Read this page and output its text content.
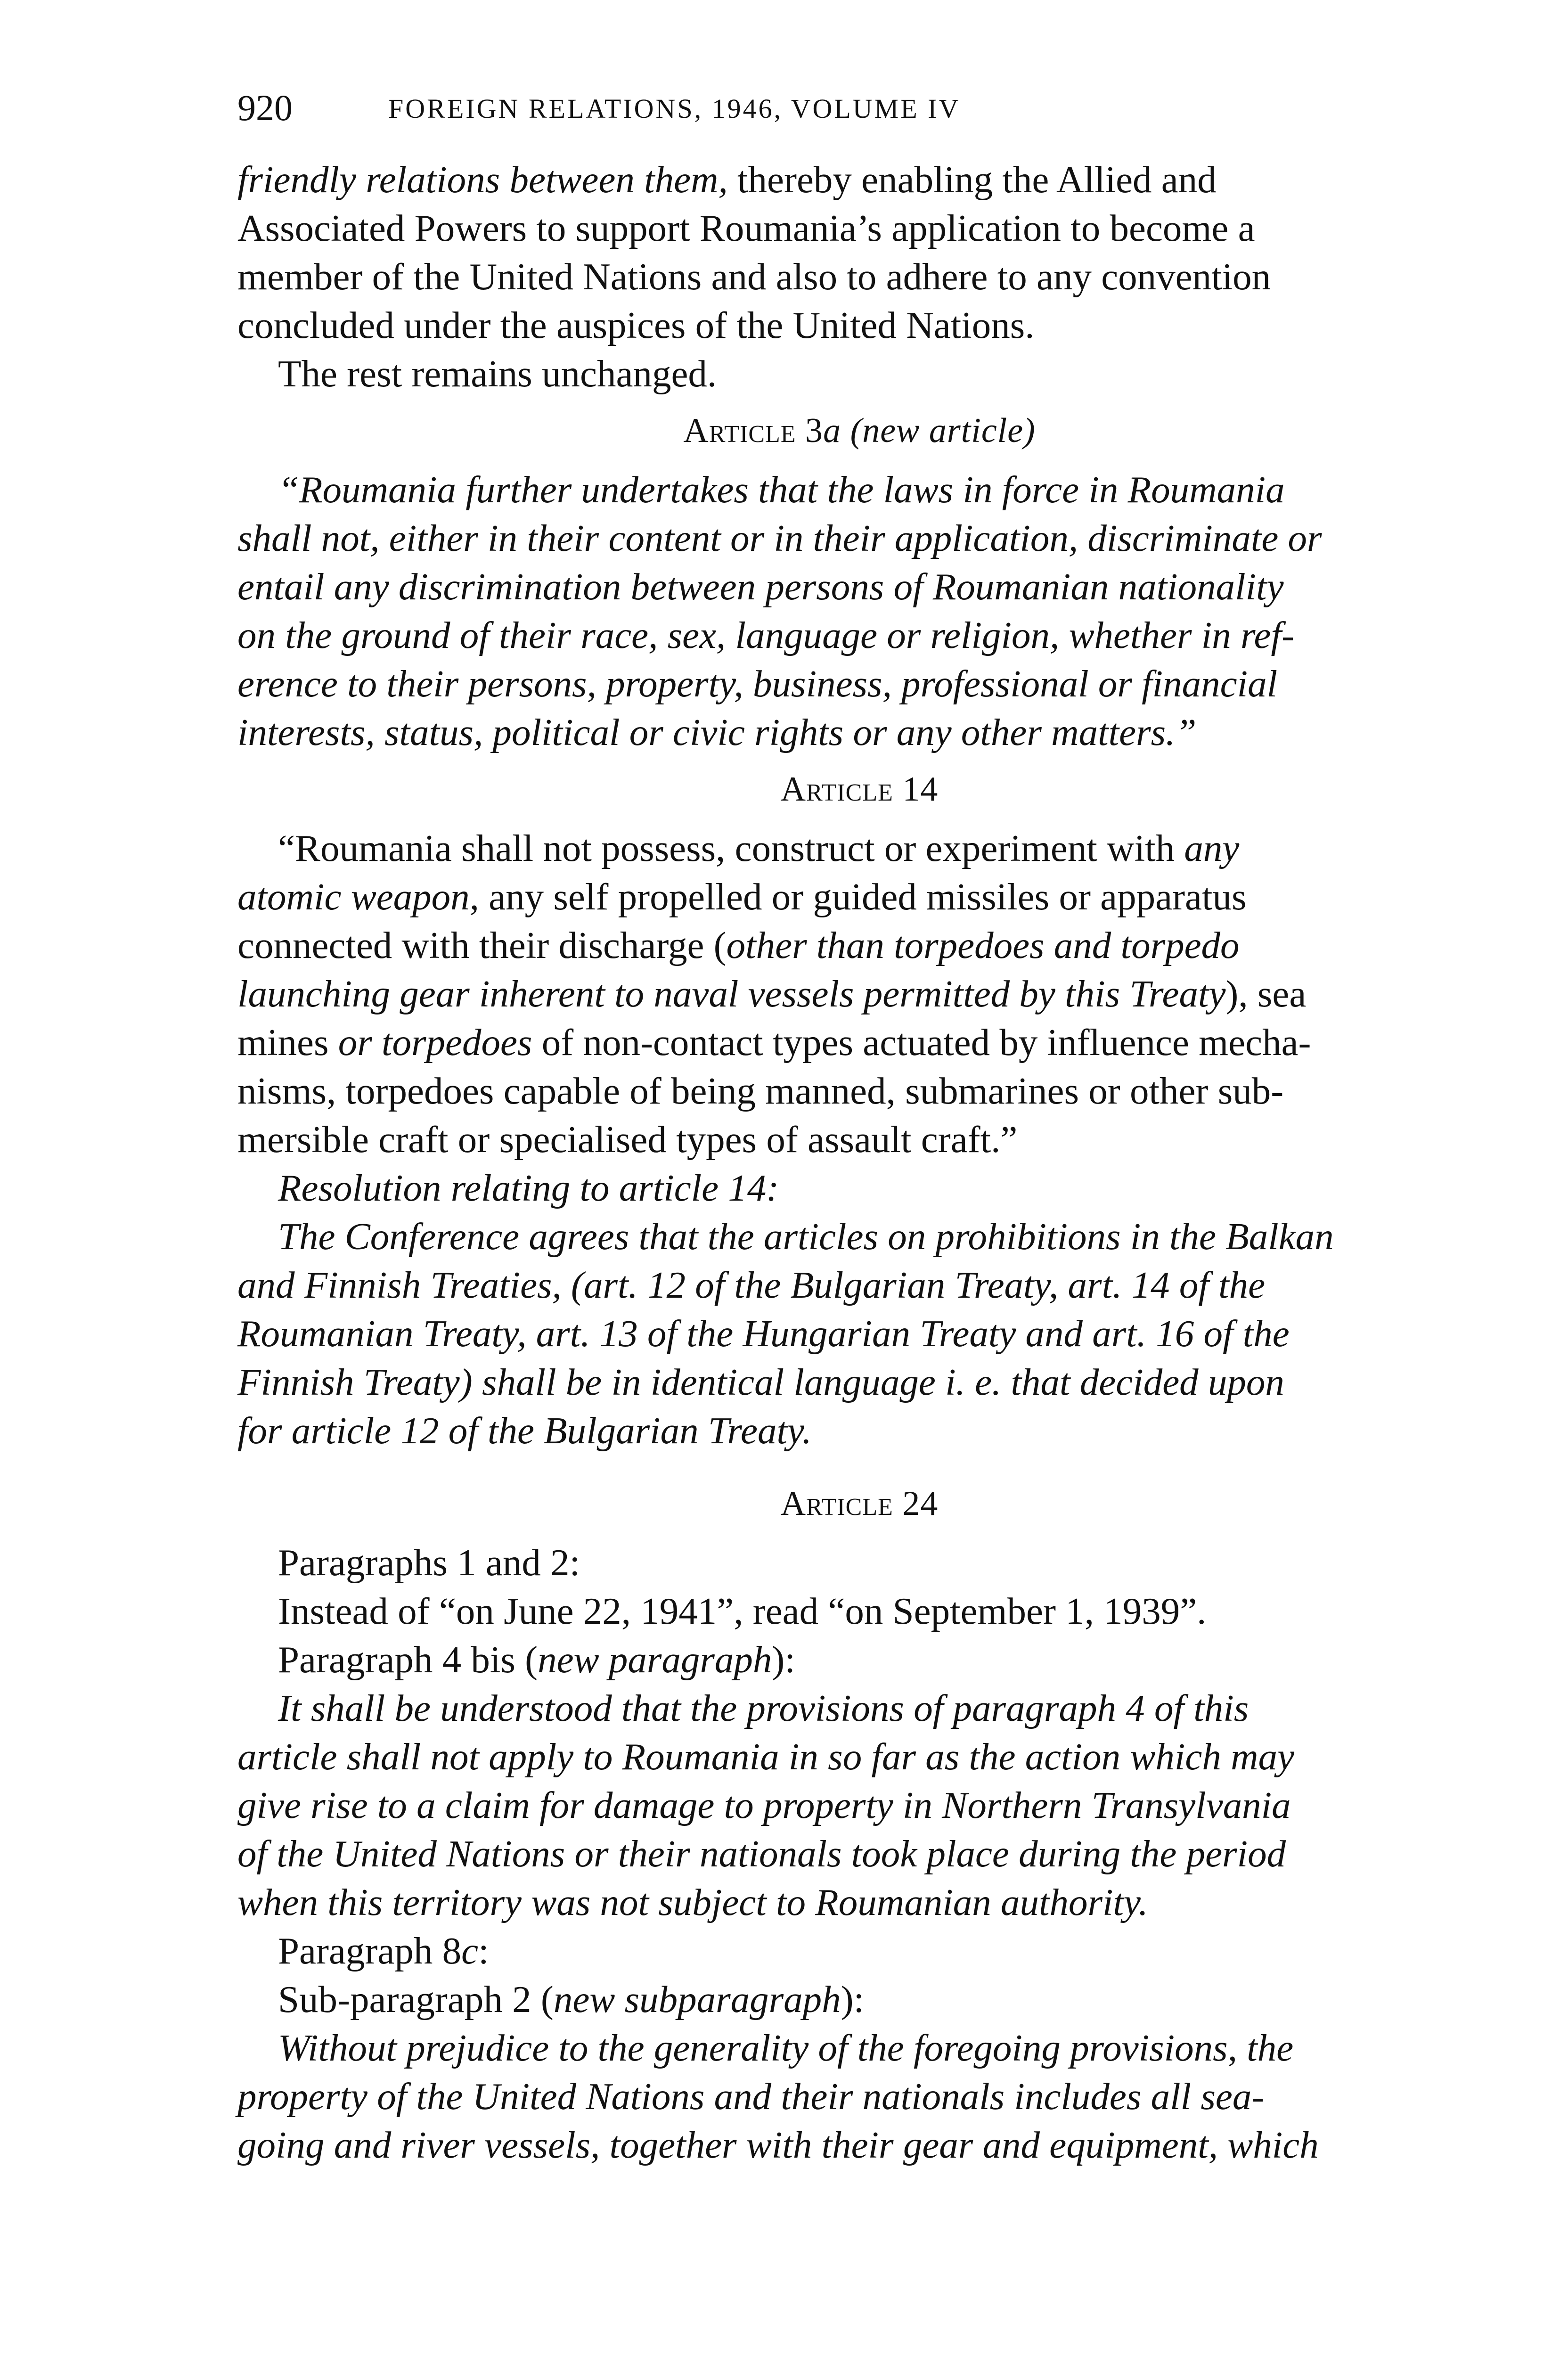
920	FOREIGN RELATIONS, 1946, VOLUME IV
friendly relations between them, thereby enabling the Allied and
Associated Powers to support Roumania’s application to become a
member of the United Nations and also to adhere to any convention
concluded under the auspices of the United Nations.
The rest remains unchanged.
Article 3a (new article)
“Roumania further undertakes that the laws in force in Roumania
shall not, either in their content or in their application, discriminate or
entail any discrimination between persons of Roumanian nationality
on the ground of their race, sex, language or religion, whether in ref-
erence to their persons, property, business, professional or financial
interests, status, political or civic rights or any other matters.”
Article 14
“Roumania shall not possess, construct or experiment with any
atomic weapon, any self propelled or guided missiles or apparatus
connected with their discharge (other than torpedoes and torpedo
launching gear inherent to naval vessels permitted by this Treaty), sea
mines or torpedoes of non-contact types actuated by influence mecha-
nisms, torpedoes capable of being manned, submarines or other sub-
mersible craft or specialised types of assault craft.”
Resolution relating to article 14:
The Conference agrees that the articles on prohibitions in the Balkan
and Finnish Treaties, (art. 12 of the Bulgarian Treaty, art. 14 of the
Roumanian Treaty, art. 13 of the Hungarian Treaty and art. 16 of the
Finnish Treaty) shall be in identical language i. e. that decided upon
for article 12 of the Bulgarian Treaty.
Article 24
Paragraphs 1 and 2:
Instead of “on June 22, 1941”, read “on September 1, 1939”.
Paragraph 4 bis (new paragraph):
It shall be understood that the provisions of paragraph 4 of this
article shall not apply to Roumania in so far as the action which may
give rise to a claim for damage to property in Northern Transylvania
of the United Nations or their nationals took place during the period
when this territory was not subject to Roumanian authority.
Paragraph 8c:
Sub-paragraph 2 (new subparagraph):
Without prejudice to the generality of the foregoing provisions, the
property of the United Nations and their nationals includes all sea-
going and river vessels, together with their gear and equipment, which
